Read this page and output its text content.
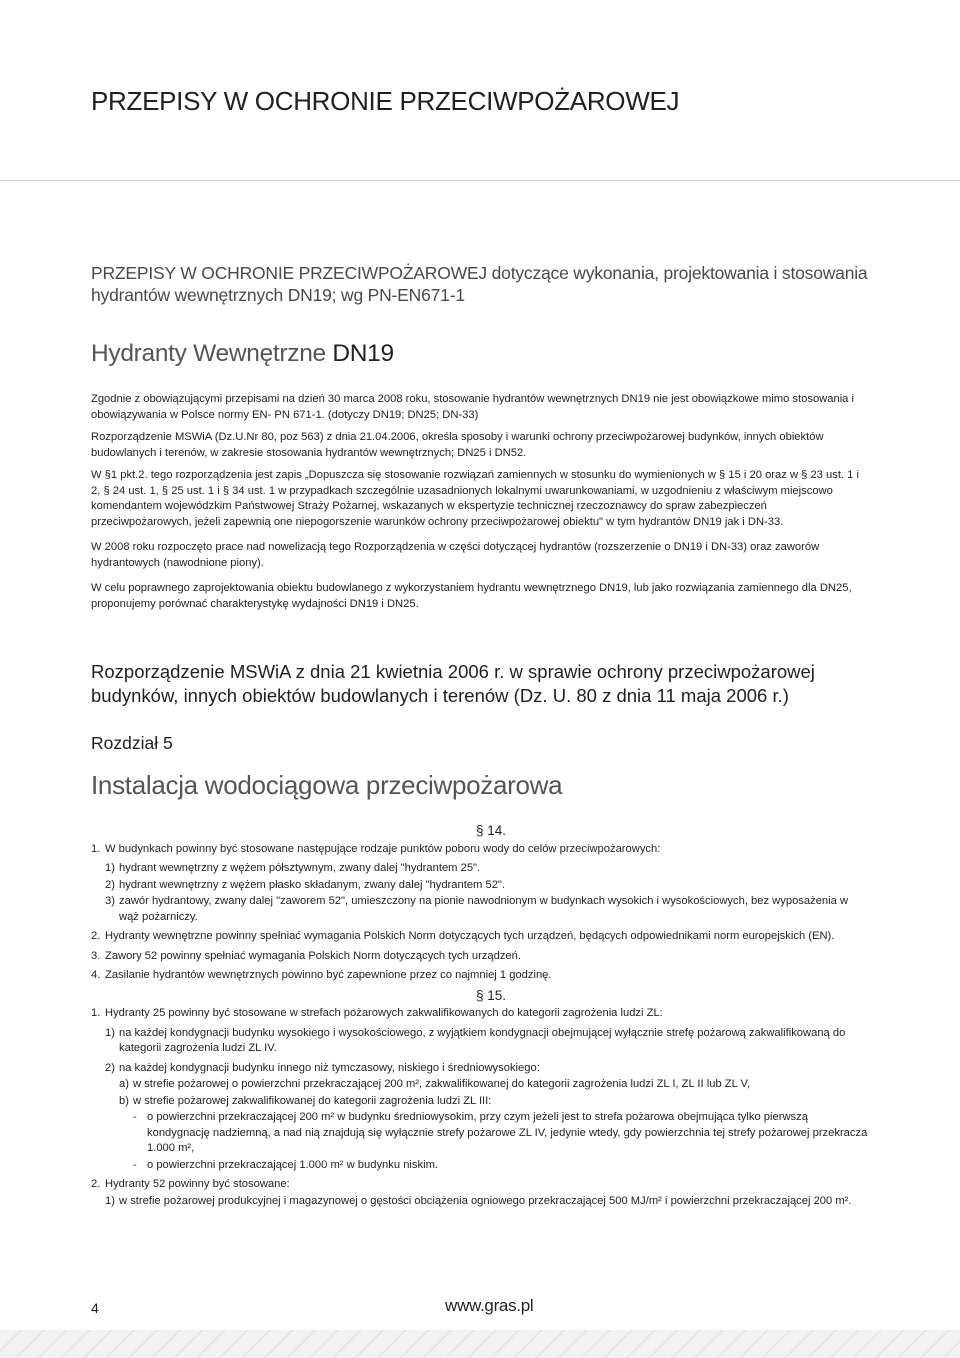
PRZEPISY W OCHRONIE PRZECIWPOŻAROWEJ
PRZEPISY W OCHRONIE PRZECIWPOŻAROWEJ dotyczące wykonania, projektowania i stosowania
hydrantów wewnętrznych DN19; wg PN-EN671-1
Hydranty Wewnętrzne DN19

Zgodnie z obowiązującymi przepisami na dzień 30 marca 2008 roku, stosowanie hydrantów wewnętrznych DN19 nie jest obowiązkowe mimo stosowania i obowiązywania w Polsce normy EN- PN 671-1. (dotyczy DN19; DN25; DN-33)

Rozporządzenie MSWiA (Dz.U.Nr 80, poz 563) z dnia 21.04.2006, określa sposoby i warunki ochrony przeciwpożarowej budynków, innych obiektów budowlanych i terenów, w zakresie stosowania hydrantów wewnętrznych; DN25 i DN52.

W §1 pkt.2. tego rozporządzenia jest zapis „Dopuszcza się stosowanie rozwiązań zamiennych w stosunku do wymienionych w § 15 i 20 oraz w § 23 ust. 1 i 2, § 24 ust. 1, § 25 ust. 1 i § 34 ust. 1 w przypadkach szczególnie uzasadnionych lokalnymi uwarunkowaniami, w uzgodnieniu z właściwym miejscowo komendantem wojewódzkim Państwowej Straży Pożarnej, wskazanych w ekspertyzie technicznej rzeczoznawcy do spraw zabezpieczeń przeciwpożarowych, jeżeli zapewnią one niepogorszenie warunków ochrony przeciwpożarowej obiektu" w tym hydrantów DN19 jak i DN-33.

W 2008 roku rozpoczęto prace nad nowelizacją tego Rozporządzenia w części dotyczącej hydrantów (rozszerzenie o DN19 i DN-33) oraz zaworów hydrantowych (nawodnione piony).

W celu poprawnego zaprojektowania obiektu budowlanego z wykorzystaniem hydrantu wewnętrznego DN19, lub jako rozwiązania zamiennego dla DN25, proponujemy porównać charakterystykę wydajności DN19 i DN25.

Rozporządzenie MSWiA z dnia 21 kwietnia 2006 r. w sprawie ochrony przeciwpożarowej budynków, innych obiektów budowlanych i terenów (Dz. U. 80 z dnia 11 maja 2006 r.)
Rozdział 5
Instalacja wodociągowa przeciwpożarowa

§ 14.

1. W budynkach powinny być stosowane następujące rodzaje punktów poboru wody do celów przeciwpożarowych:
1) hydrant wewnętrzny z wężem półsztywnym, zwany dalej "hydrantem 25".
2) hydrant wewnętrzny z wężem płasko składanym, zwany dalej "hydrantem 52".
3) zawór hydrantowy, zwany dalej "zaworem 52", umieszczony na pionie nawodnionym w budynkach wysokich i wysokościowych, bez wyposażenia w wąż pożarniczy.
2. Hydranty wewnętrzne powinny spełniać wymagania Polskich Norm dotyczących tych urządzeń, będących odpowiednikami norm europejskich (EN).
3. Zawory 52 powinny spełniać wymagania Polskich Norm dotyczących tych urządzeń.
4. Zasilanie hydrantów wewnętrznych powinno być zapewnione przez co najmniej 1 godzinę.

§ 15.

1. Hydranty 25 powinny być stosowane w strefach pożarowych zakwalifikowanych do kategorii zagrożenia ludzi ZL:
1) na każdej kondygnacji budynku wysokiego i wysokościowego, z wyjątkiem kondygnacji obejmującej wyłącznie strefę pożarową zakwalifikowaną do kategorii zagrożenia ludzi ZL IV.
2) na każdej kondygnacji budynku innego niż tymczasowy, niskiego i średniowysokiego:
a) w strefie pożarowej o powierzchni przekraczającej 200 m², zakwalifikowanej do kategorii zagrożenia ludzi ZL I, ZL II lub ZL V,
b) w strefie pożarowej zakwalifikowanej do kategorii zagrożenia ludzi ZL III:
- o powierzchni przekraczającej 200 m² w budynku średniowysokim, przy czym jeżeli jest to strefa pożarowa obejmująca tylko pierwszą kondygnację nadziemną, a nad nią znajdują się wyłącznie strefy pożarowe ZL IV, jedynie wtedy, gdy powierzchnia tej strefy pożarowej przekracza 1.000 m²,
- o powierzchni przekraczającej 1.000 m² w budynku niskim.
2. Hydranty 52 powinny być stosowane:
1) w strefie pożarowej produkcyjnej i magazynowej o gęstości obciążenia ogniowego przekraczającej 500 MJ/m² i powierzchni przekraczającej 200 m².
4	www.gras.pl
